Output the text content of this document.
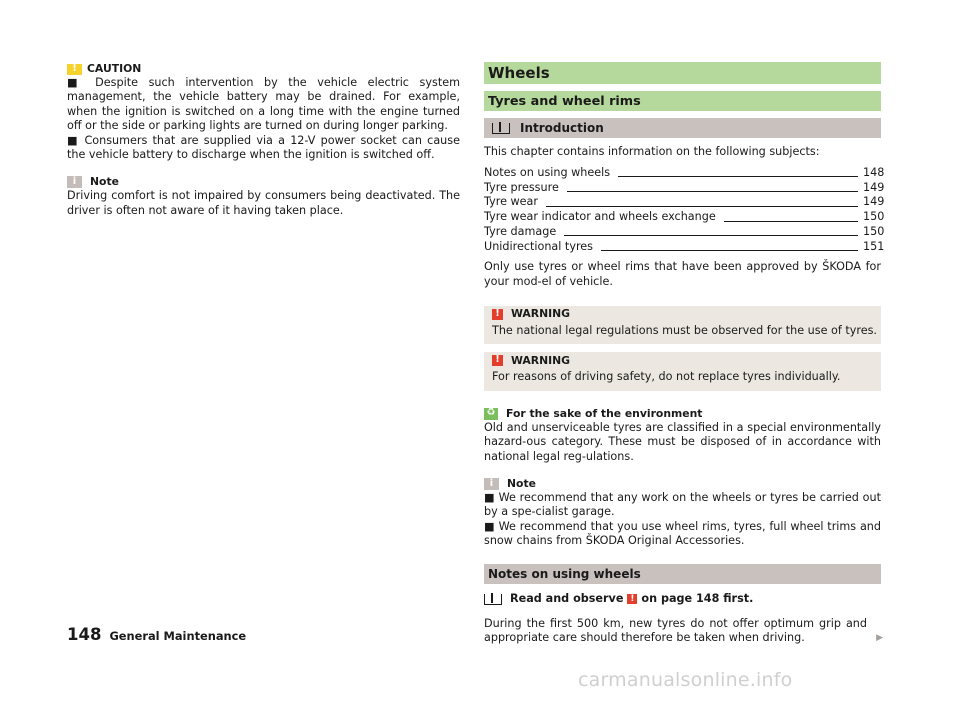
!
CAUTION

■ Despite such intervention by the vehicle electric system management, the vehicle battery may be drained. For example, when the ignition is switched on a long time with the engine turned off or the side or parking lights are turned on during longer parking.

■ Consumers that are supplied via a 12-V power socket can cause the vehicle battery to discharge when the ignition is switched off.

i
Note

Driving comfort is not impaired by consumers being deactivated. The driver is often not aware of it having taken place.

Wheels
Tyres and wheel rims
Introduction
This chapter contains information on the following subjects:
Notes on using wheels	148
Tyre pressure	149
Tyre wear	149
Tyre wear indicator and wheels exchange	150
Tyre damage	150
Unidirectional tyres	151

Only use tyres or wheel rims that have been approved by ŠKODA for your mod-el of vehicle.

!
WARNING
The national legal regulations must be observed for the use of tyres.
!
WARNING
For reasons of driving safety, do not replace tyres individually.
♻
For the sake of the environment

Old and unserviceable tyres are classified in a special environmentally hazard-ous category. These must be disposed of in accordance with national legal reg-ulations.

i
Note

■ We recommend that any work on the wheels or tyres be carried out by a spe-cialist garage.

■ We recommend that you use wheel rims, tyres, full wheel trims and snow chains from ŠKODA Original Accessories.

Notes on using wheels
Read and observe ! on page 148 first.

During the first 500 km, new tyres do not offer optimum grip and appropriate care should therefore be taken when driving.	▶
148 General Maintenance
carmanualsonline.info
